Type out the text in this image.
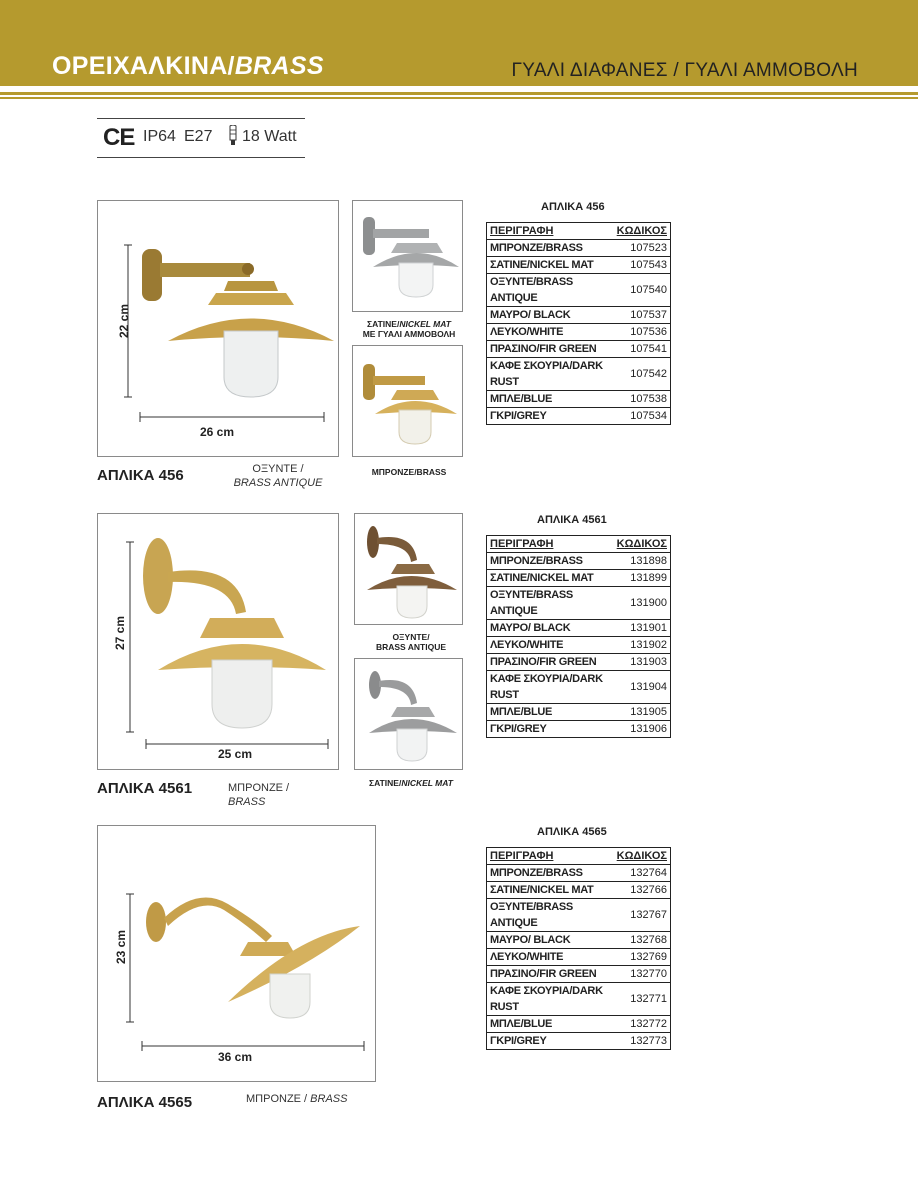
ΟΡΕΙΧΑΛΚΙΝΑ/BRASS	ΓΥΑΛΙ ΔΙΑΦΑΝΕΣ / ΓΥΑΛΙ ΑΜΜΟΒΟΛΗ
CE IP64 E27 18 Watt
22 cm
26 cm
ΑΠΛΙΚΑ 456	ΟΞΥΝΤΕ /
BRASS ANTIQUE
ΣΑΤΙΝΕ/NICKEL MAT
ΜΕ ΓΥΑΛΙ ΑΜΜΟΒΟΛΗ
ΜΠΡΟΝΖΕ/BRASS
ΑΠΛΙΚΑ 456
ΠΕΡΙΓΡΑΦΗ	ΚΩΔΙΚΟΣ
ΜΠΡΟΝΖΕ/BRASS	107523
ΣΑΤΙΝΕ/NICKEL MAT	107543
ΟΞΥΝΤΕ/BRASS ANTIQUE	107540
ΜΑΥΡΟ/ BLACK	107537
ΛΕΥΚΟ/WHITE	107536
ΠΡΑΣΙΝΟ/FIR GREEN	107541
ΚΑΦΕ ΣΚΟΥΡΙΑ/DARK RUST	107542
ΜΠΛΕ/BLUE	107538
ΓΚΡΙ/GREY	107534
27 cm
25 cm
ΑΠΛΙΚΑ 4561	ΜΠΡΟΝΖΕ / BRASS
ΟΞΥΝΤΕ/
BRASS ANTIQUE
ΣΑΤΙΝΕ/NICKEL MAT
ΑΠΛΙΚΑ 4561
ΠΕΡΙΓΡΑΦΗ	ΚΩΔΙΚΟΣ
ΜΠΡΟΝΖΕ/BRASS	131898
ΣΑΤΙΝΕ/NICKEL MAT	131899
ΟΞΥΝΤΕ/BRASS ANTIQUE	131900
ΜΑΥΡΟ/ BLACK	131901
ΛΕΥΚΟ/WHITE	131902
ΠΡΑΣΙΝΟ/FIR GREEN	131903
ΚΑΦΕ ΣΚΟΥΡΙΑ/DARK RUST	131904
ΜΠΛΕ/BLUE	131905
ΓΚΡΙ/GREY	131906
23 cm
36 cm
ΑΠΛΙΚΑ 4565	ΜΠΡΟΝΖΕ / BRASS
ΑΠΛΙΚΑ 4565
ΠΕΡΙΓΡΑΦΗ	ΚΩΔΙΚΟΣ
ΜΠΡΟΝΖΕ/BRASS	132764
ΣΑΤΙΝΕ/NICKEL MAT	132766
ΟΞΥΝΤΕ/BRASS ANTIQUE	132767
ΜΑΥΡΟ/ BLACK	132768
ΛΕΥΚΟ/WHITE	132769
ΠΡΑΣΙΝΟ/FIR GREEN	132770
ΚΑΦΕ ΣΚΟΥΡΙΑ/DARK RUST	132771
ΜΠΛΕ/BLUE	132772
ΓΚΡΙ/GREY	132773
